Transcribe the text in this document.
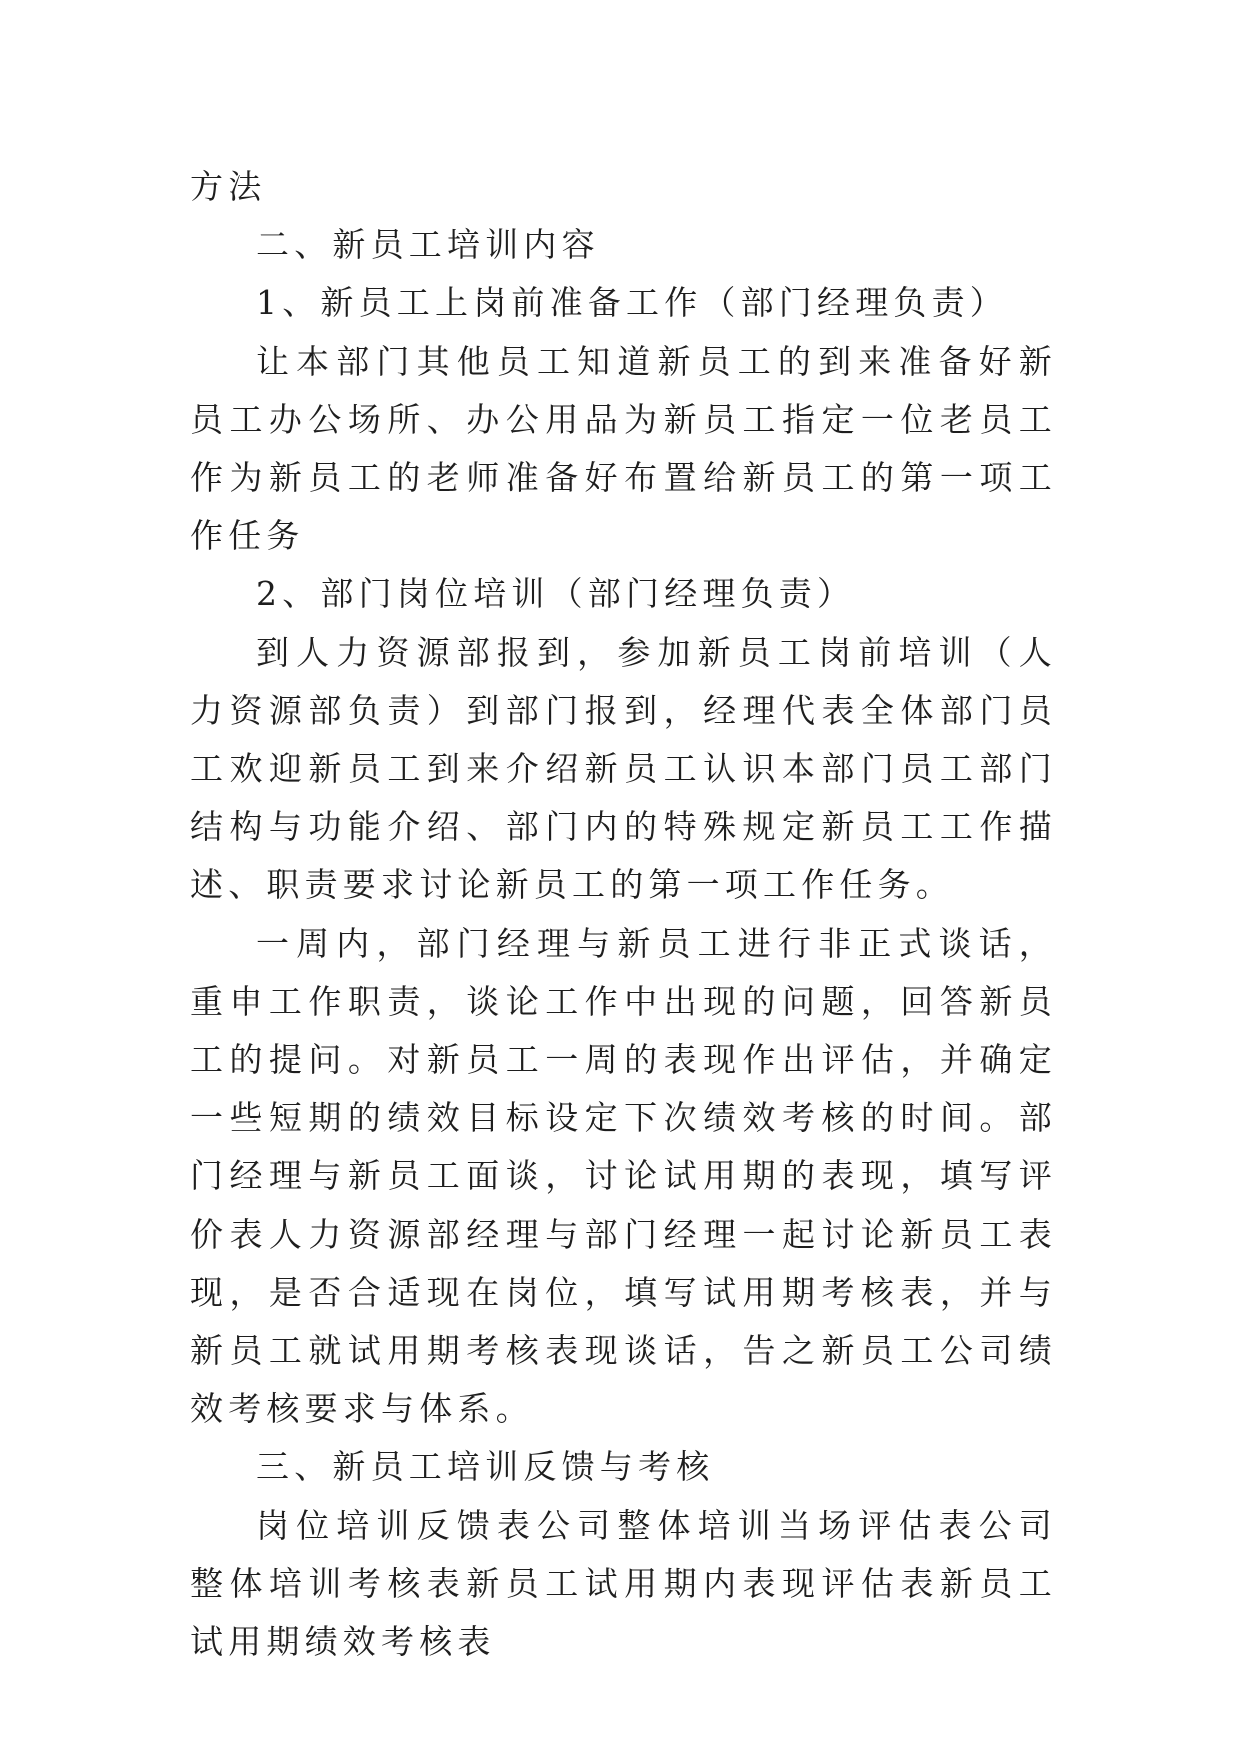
方法

二、新员工培训内容

1、新员工上岗前准备工作（部门经理负责）

让本部门其他员工知道新员工的到来准备好新员工办公场所、办公用品为新员工指定一位老员工作为新员工的老师准备好布置给新员工的第一项工作任务

2、部门岗位培训（部门经理负责）

到人力资源部报到，参加新员工岗前培训（人力资源部负责）到部门报到，经理代表全体部门员工欢迎新员工到来介绍新员工认识本部门员工部门结构与功能介绍、部门内的特殊规定新员工工作描述、职责要求讨论新员工的第一项工作任务。

一周内，部门经理与新员工进行非正式谈话，重申工作职责，谈论工作中出现的问题，回答新员工的提问。对新员工一周的表现作出评估，并确定一些短期的绩效目标设定下次绩效考核的时间。部门经理与新员工面谈，讨论试用期的表现，填写评价表人力资源部经理与部门经理一起讨论新员工表现，是否合适现在岗位，填写试用期考核表，并与新员工就试用期考核表现谈话，告之新员工公司绩效考核要求与体系。

三、新员工培训反馈与考核

岗位培训反馈表公司整体培训当场评估表公司整体培训考核表新员工试用期内表现评估表新员工试用期绩效考核表
